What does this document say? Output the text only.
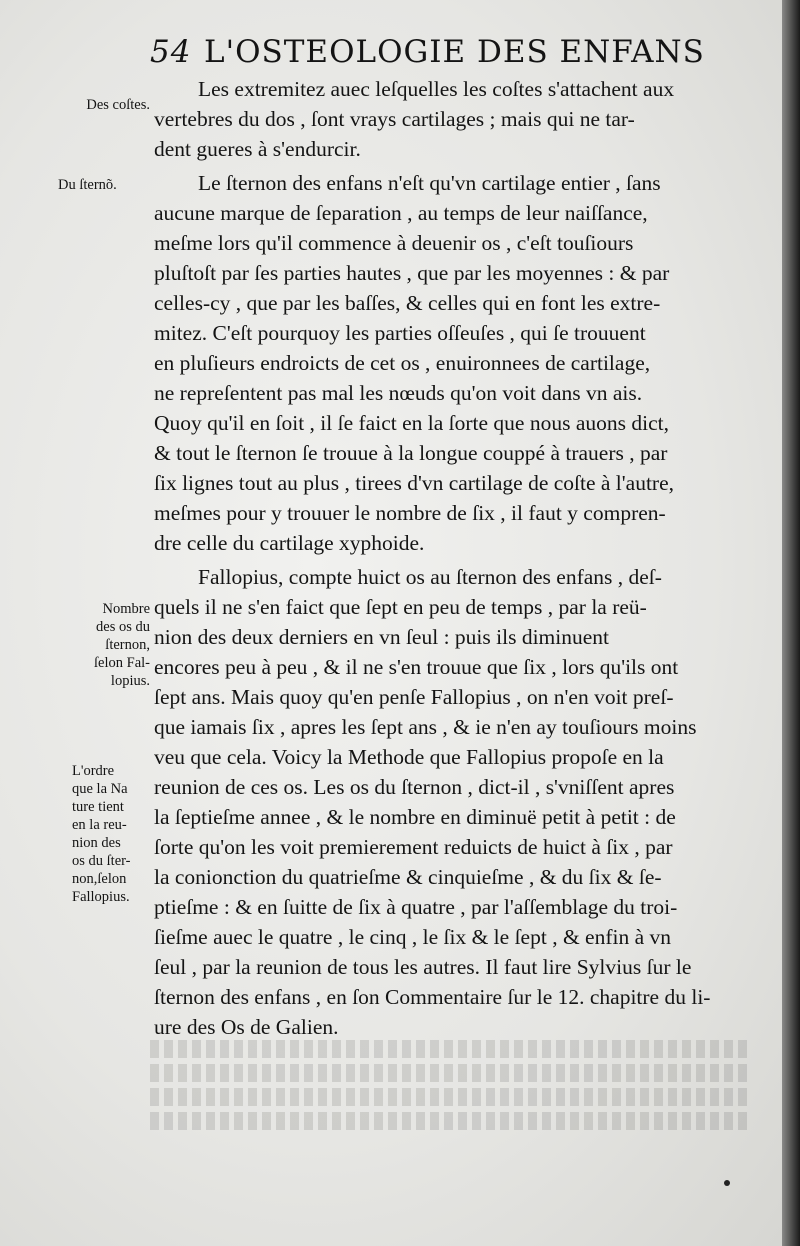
54 L'OSTEOLOGIE DES ENFANS
Des coſtes.
Du ſternõ.
Nombre
des os du
ſternon,
ſelon Fal-
lopius.
L'ordre
que la Na
ture tient
en la reu-
nion des
os du ſter-
non,ſelon
Fallopius.
Les extremitez auec leſquelles les coſtes s'attachent aux
vertebres du dos , ſont vrays cartilages ; mais qui ne tar-
dent gueres à s'endurcir.
Le ſternon des enfans n'eſt qu'vn cartilage entier , ſans
aucune marque de ſeparation , au temps de leur naiſſance,
meſme lors qu'il commence à deuenir os , c'eſt touſiours
pluſtoſt par ſes parties hautes , que par les moyennes : & par
celles-cy , que par les baſſes, & celles qui en font les extre-
mitez. C'eſt pourquoy les parties oſſeuſes , qui ſe trouuent
en pluſieurs endroicts de cet os , enuironnees de cartilage,
ne repreſentent pas mal les nœuds qu'on voit dans vn ais.
Quoy qu'il en ſoit , il ſe faict en la ſorte que nous auons dict,
& tout le ſternon ſe trouue à la longue couppé à trauers , par
ſix lignes tout au plus , tirees d'vn cartilage de coſte à l'autre,
meſmes pour y trouuer le nombre de ſix , il faut y compren-
dre celle du cartilage xyphoide.
Fallopius, compte huict os au ſternon des enfans , deſ-
quels il ne s'en faict que ſept en peu de temps , par la reü-
nion des deux derniers en vn ſeul : puis ils diminuent
encores peu à peu , & il ne s'en trouue que ſix , lors qu'ils ont
ſept ans. Mais quoy qu'en penſe Fallopius , on n'en voit preſ-
que iamais ſix , apres les ſept ans , & ie n'en ay touſiours moins
veu que cela. Voicy la Methode que Fallopius propoſe en la
reunion de ces os. Les os du ſternon , dict-il , s'vniſſent apres
la ſeptieſme annee , & le nombre en diminuë petit à petit : de
ſorte qu'on les voit premierement reduicts de huict à ſix , par
la conionction du quatrieſme & cinquieſme , & du ſix & ſe-
ptieſme : & en ſuitte de ſix à quatre , par l'aſſemblage du troi-
ſieſme auec le quatre , le cinq , le ſix & le ſept , & enfin à vn
ſeul , par la reunion de tous les autres. Il faut lire Sylvius ſur le
ſternon des enfans , en ſon Commentaire ſur le 12. chapitre du li-
ure des Os de Galien.
